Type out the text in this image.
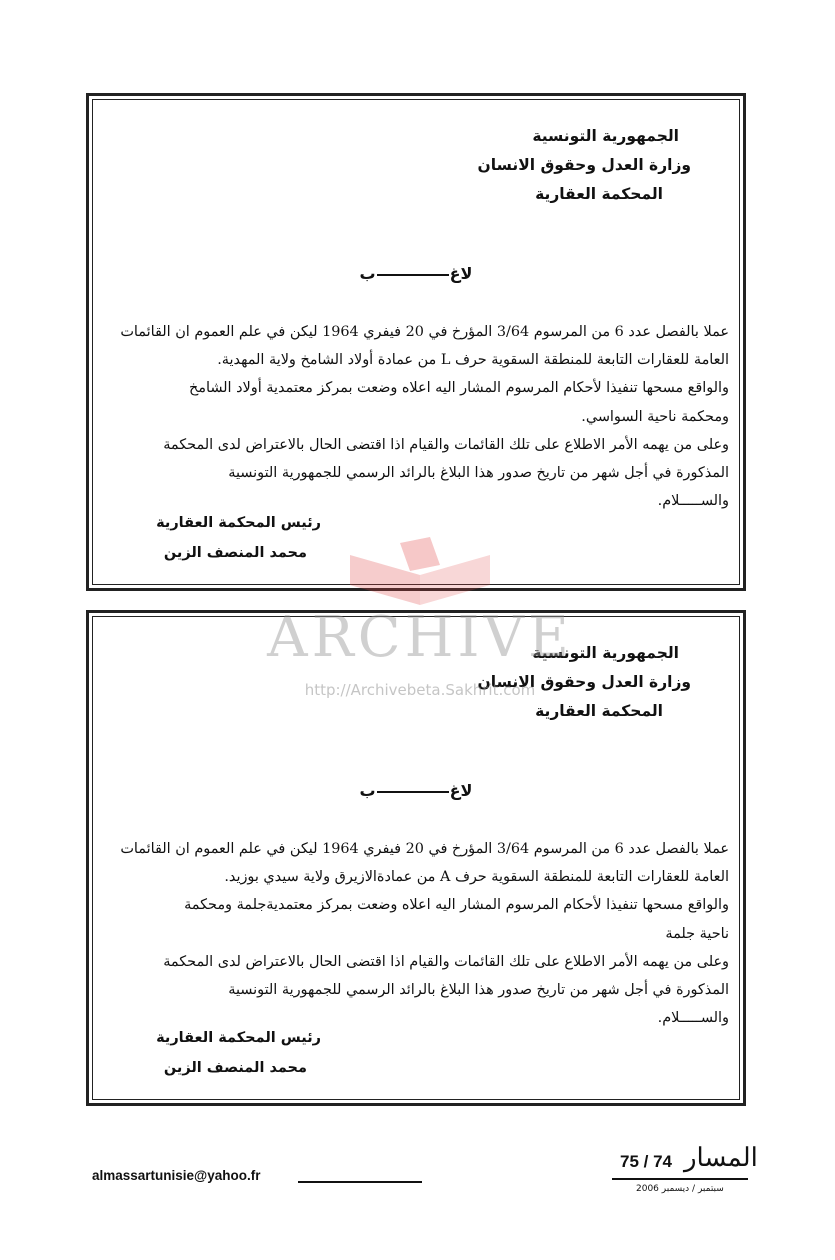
الجمهورية التونسية
وزارة العدل وحقوق الانسان
المحكمة العقارية
لاغب
عملا بالفصل عدد 6 من المرسوم 3/64 المؤرخ في 20 فيفري 1964 ليكن في علم العموم ان القائمات
العامة للعقارات التابعة للمنطقة السقوية حرف L من عمادة أولاد الشامخ ولاية المهدية.
والواقع مسحها تنفيذا لأحكام المرسوم المشار اليه اعلاه وضعت بمركز معتمدية أولاد الشامخ
ومحكمة ناحية السواسي.
وعلى من يهمه الأمر الاطلاع على تلك القائمات والقيام اذا اقتضى الحال بالاعتراض لدى المحكمة
المذكورة في أجل شهر من تاريخ صدور هذا البلاغ بالرائد الرسمي للجمهورية التونسية
والســـــلام.
رئيس المحكمة العقارية
محمد المنصف الزين
الجمهورية التونسية
وزارة العدل وحقوق الانسان
المحكمة العقارية
لاغب
عملا بالفصل عدد 6 من المرسوم 3/64 المؤرخ في 20 فيفري 1964 ليكن في علم العموم ان القائمات
العامة للعقارات التابعة للمنطقة السقوية حرف A من عمادةالازيرق ولاية سيدي بوزيد.
والواقع مسحها تنفيذا لأحكام المرسوم المشار اليه اعلاه وضعت بمركز معتمديةجلمة ومحكمة
ناحية جلمة
وعلى من يهمه الأمر الاطلاع على تلك القائمات والقيام اذا اقتضى الحال بالاعتراض لدى المحكمة
المذكورة في أجل شهر من تاريخ صدور هذا البلاغ بالرائد الرسمي للجمهورية التونسية
والســـــلام.
رئيس المحكمة العقارية
محمد المنصف الزين
ARCHIVE
http://Archivebeta.Sakhrit.com
almassartunisie@yahoo.fr
75 / 74 المسار
سبتمبر / ديسمبر 2006
